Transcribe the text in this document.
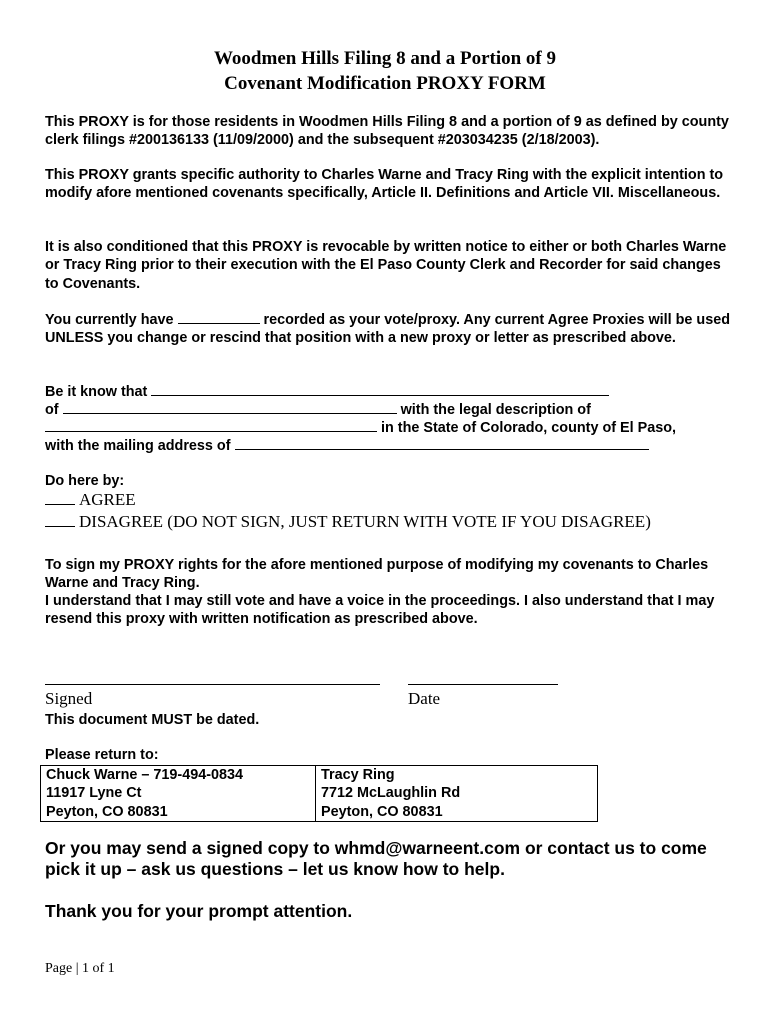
Woodmen Hills Filing 8 and a Portion of 9
Covenant Modification PROXY FORM
This PROXY is for those residents in Woodmen Hills Filing 8 and a portion of 9 as defined by county clerk filings #200136133 (11/09/2000) and the subsequent #203034235 (2/18/2003).
This PROXY grants specific authority to Charles Warne and Tracy Ring with the explicit intention to modify afore mentioned covenants specifically, Article II. Definitions and Article VII. Miscellaneous.
It is also conditioned that this PROXY is revocable by written notice to either or both Charles Warne or Tracy Ring prior to their execution with the El Paso County Clerk and Recorder for said changes to Covenants.
You currently have	recorded as your vote/proxy. Any current Agree Proxies will be used UNLESS you change or rescind that position with a new proxy or letter as prescribed above.
Be it know that
of	with the legal description of
in the State of Colorado, county of El Paso,
with the mailing address of
Do here by:
AGREE
DISAGREE (DO NOT SIGN, JUST RETURN WITH VOTE IF YOU DISAGREE)
To sign my PROXY rights for the afore mentioned purpose of modifying my covenants to Charles Warne and Tracy Ring.
I understand that I may still vote and have a voice in the proceedings. I also understand that I may resend this proxy with written notification as prescribed above.
Signed	Date
This document MUST be dated.
Please return to:
Chuck Warne – 719-494-0834
11917 Lyne Ct
Peyton, CO 80831
Tracy Ring
7712 McLaughlin Rd
Peyton, CO 80831
Or you may send a signed copy to whmd@warneent.com or contact us to come pick it up – ask us questions – let us know how to help.
Thank you for your prompt attention.
Page | 1 of 1
